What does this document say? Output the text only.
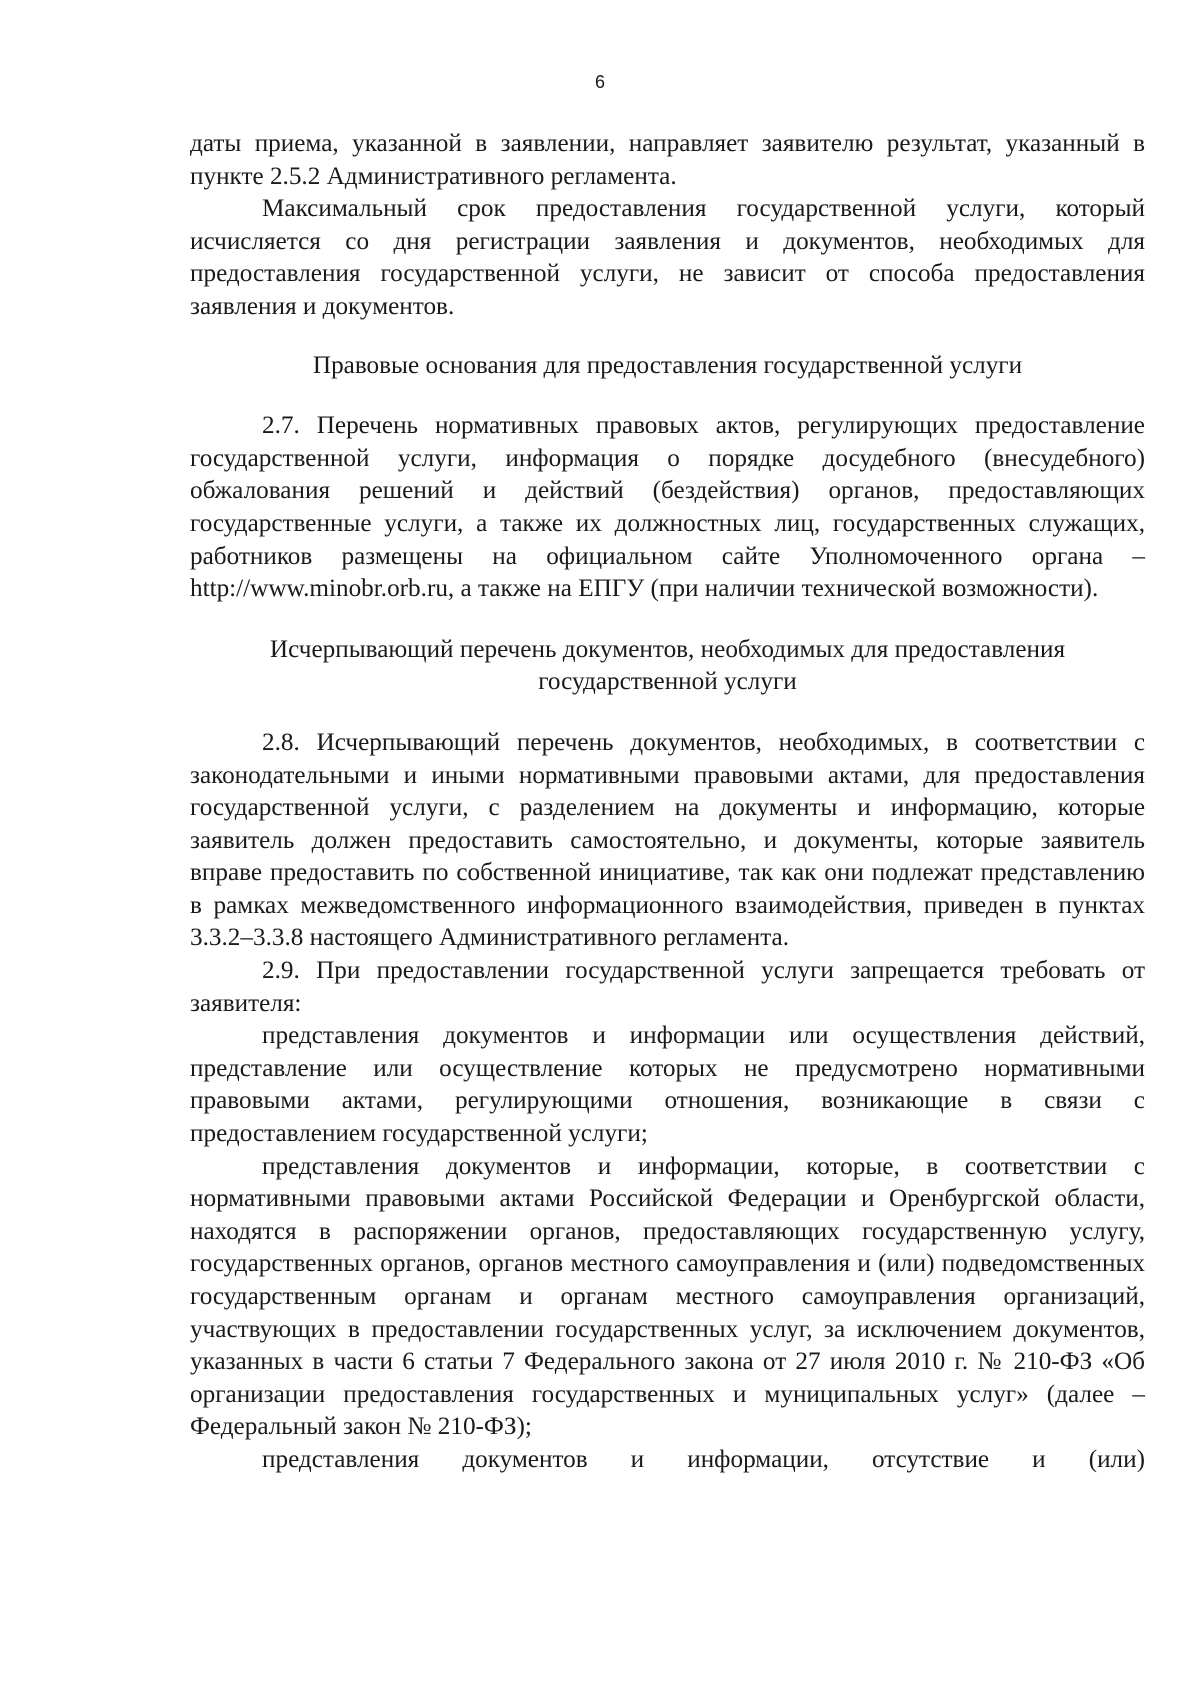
6

даты приема, указанной в заявлении, направляет заявителю результат, указанный в пункте 2.5.2 Административного регламента.

Максимальный срок предоставления государственной услуги, который исчисляется со дня регистрации заявления и документов, необходимых для предоставления государственной услуги, не зависит от способа предоставления заявления и документов.

Правовые основания для предоставления государственной услуги

2.7. Перечень нормативных правовых актов, регулирующих предоставление государственной услуги, информация о порядке досудебного (внесудебного) обжалования решений и действий (бездействия) органов, предоставляющих государственные услуги, а также их должностных лиц, государственных служащих, работников размещены на официальном сайте Уполномоченного органа – http://www.minobr.orb.ru, а также на ЕПГУ (при наличии технической возможности).

Исчерпывающий перечень документов, необходимых для предоставления государственной услуги

2.8. Исчерпывающий перечень документов, необходимых, в соответствии с законодательными и иными нормативными правовыми актами, для предоставления государственной услуги, с разделением на документы и информацию, которые заявитель должен предоставить самостоятельно, и документы, которые заявитель вправе предоставить по собственной инициативе, так как они подлежат представлению в рамках межведомственного информационного взаимодействия, приведен в пунктах 3.3.2–3.3.8 настоящего Административного регламента.

2.9. При предоставлении государственной услуги запрещается требовать от заявителя:

представления документов и информации или осуществления действий, представление или осуществление которых не предусмотрено нормативными правовыми актами, регулирующими отношения, возникающие в связи с предоставлением государственной услуги;

представления документов и информации, которые, в соответствии с нормативными правовыми актами Российской Федерации и Оренбургской области, находятся в распоряжении органов, предоставляющих государственную услугу, государственных органов, органов местного самоуправления и (или) подведомственных государственным органам и органам местного самоуправления организаций, участвующих в предоставлении государственных услуг, за исключением документов, указанных в части 6 статьи 7 Федерального закона от 27 июля 2010 г. № 210-ФЗ «Об организации предоставления государственных и муниципальных услуг» (далее – Федеральный закон № 210-ФЗ);

представления документов и информации, отсутствие и (или)
